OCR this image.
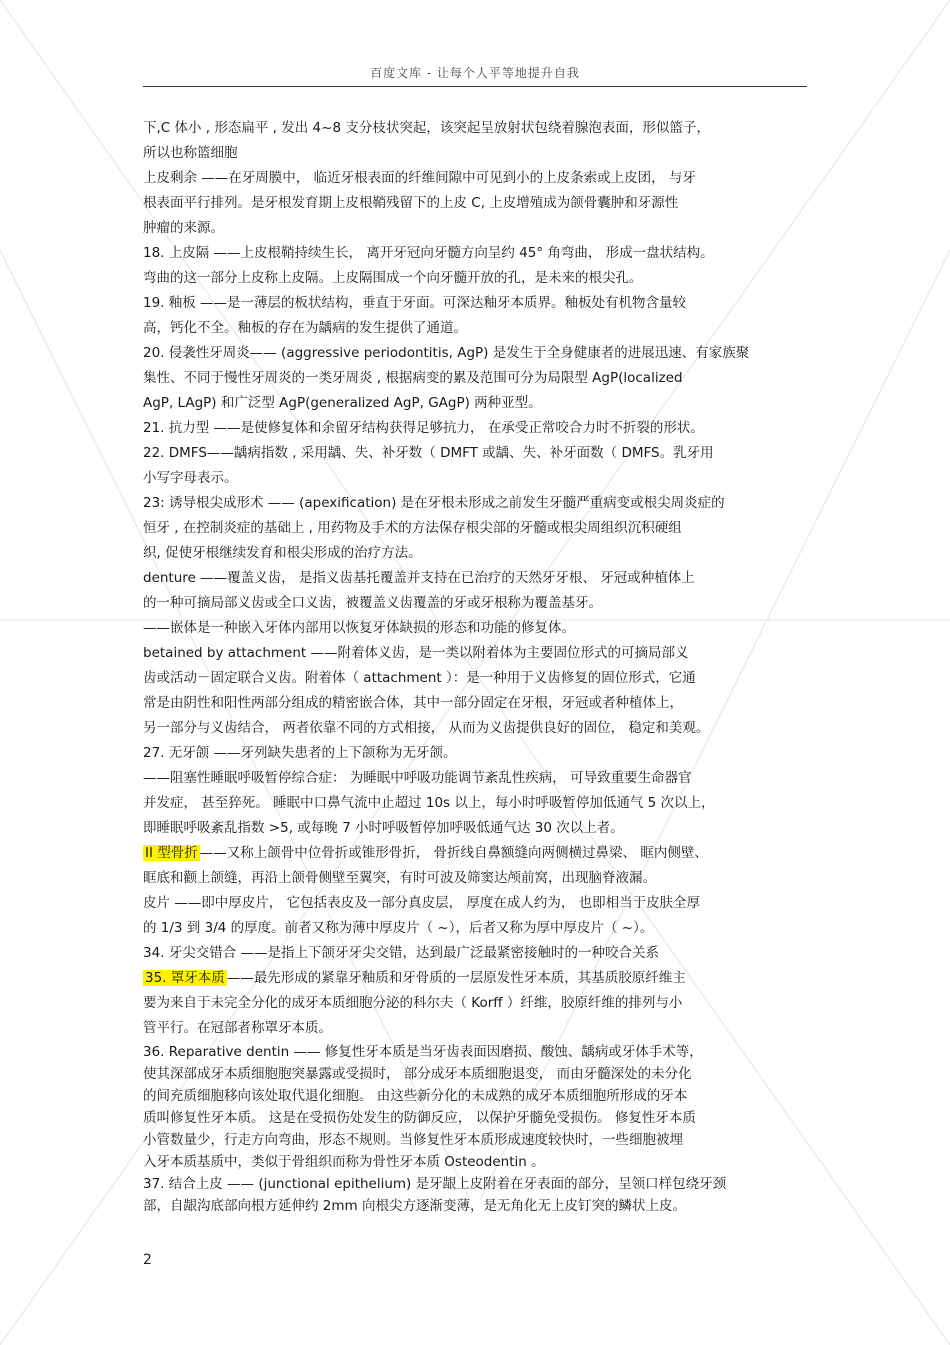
百度文库 - 让每个人平等地提升自我
下,C 体小 , 形态扁平 , 发出 4~8 支分枝状突起，该突起呈放射状包绕着腺泡表面，形似篮子，
所以也称篮细胞
上皮剩余 ——在牙周膜中， 临近牙根表面的纤维间隙中可见到小的上皮条索或上皮团， 与牙
根表面平行排列。是牙根发育期上皮根鞘残留下的上皮 C, 上皮增殖成为颌骨囊肿和牙源性
肿瘤的来源。
18. 上皮隔 ——上皮根鞘持续生长， 离开牙冠向牙髓方向呈约 45° 角弯曲， 形成一盘状结构。
弯曲的这一部分上皮称上皮隔。上皮隔围成一个向牙髓开放的孔，是未来的根尖孔。
19. 釉板 ——是一薄层的板状结构，垂直于牙面。可深达釉牙本质界。釉板处有机物含量较
高，钙化不全。釉板的存在为龋病的发生提供了通道。
20. 侵袭性牙周炎—— (aggressive periodontitis, AgP) 是发生于全身健康者的进展迅速、有家族聚
集性、不同于慢性牙周炎的一类牙周炎 , 根据病变的累及范围可分为局限型 AgP(localized
AgP, LAgP) 和广泛型 AgP(generalized AgP, GAgP) 两种亚型。
21. 抗力型 ——是使修复体和余留牙结构获得足够抗力， 在承受正常咬合力时不折裂的形状。
22. DMFS——龋病指数 , 采用龋、失、补牙数（ DMFT 或龋、失、补牙面数（ DMFS。乳牙用
小写字母表示。
23: 诱导根尖成形术 —— (apexification) 是在牙根未形成之前发生牙髓严重病变或根尖周炎症的
恒牙 , 在控制炎症的基础上 , 用药物及手术的方法保存根尖部的牙髓或根尖周组织沉积硬组
织, 促使牙根继续发育和根尖形成的治疗方法。
denture ——覆盖义齿， 是指义齿基托覆盖并支持在已治疗的天然牙牙根、 牙冠或种植体上
的一种可摘局部义齿或全口义齿，被覆盖义齿覆盖的牙或牙根称为覆盖基牙。
——嵌体是一种嵌入牙体内部用以恢复牙体缺损的形态和功能的修复体。
betained by attachment ——附着体义齿，是一类以附着体为主要固位形式的可摘局部义
齿或活动－固定联合义齿。附着体（ attachment ）：是一种用于义齿修复的固位形式，它通
常是由阴性和阳性两部分组成的精密嵌合体，其中一部分固定在牙根，牙冠或者种植体上，
另一部分与义齿结合， 两者依靠不同的方式相接， 从而为义齿提供良好的固位， 稳定和美观。
27. 无牙颌 ——牙列缺失患者的上下颌称为无牙颌。
——阻塞性睡眠呼吸暂停综合症： 为睡眠中呼吸功能调节紊乱性疾病， 可导致重要生命器官
并发症， 甚至猝死。 睡眠中口鼻气流中止超过 10s 以上，每小时呼吸暂停加低通气 5 次以上，
即睡眠呼吸紊乱指数 >5, 或每晚 7 小时呼吸暂停加呼吸低通气达 30 次以上者。
II 型骨折 ——又称上颌骨中位骨折或锥形骨折， 骨折线自鼻额缝向两侧横过鼻梁、 眶内侧壁、
眶底和颧上颌缝，再沿上颌骨侧壁至翼突，有时可波及筛窦达颅前窝，出现脑脊液漏。
皮片 ——即中厚皮片， 它包括表皮及一部分真皮层， 厚度在成人约为， 也即相当于皮肤全厚
的 1/3 到 3/4 的厚度。前者又称为薄中厚皮片（ ~），后者又称为厚中厚皮片（ ~）。
34. 牙尖交错合 ——是指上下颌牙牙尖交错，达到最广泛最紧密接触时的一种咬合关系
35. 罩牙本质 ——最先形成的紧靠牙釉质和牙骨质的一层原发性牙本质，其基质胶原纤维主
要为来自于未完全分化的成牙本质细胞分泌的科尔夫（ Korff ）纤维，胶原纤维的排列与小
管平行。在冠部者称罩牙本质。
36. Reparative dentin —— 修复性牙本质是当牙齿表面因磨损、酸蚀、龋病或牙体手术等，
使其深部成牙本质细胞胞突暴露或受损时， 部分成牙本质细胞退变， 而由牙髓深处的未分化
的间充质细胞移向该处取代退化细胞。 由这些新分化的未成熟的成牙本质细胞所形成的牙本
质叫修复性牙本质。 这是在受损伤处发生的防御反应， 以保护牙髓免受损伤。 修复性牙本质
小管数量少，行走方向弯曲，形态不规则。当修复性牙本质形成速度较快时，一些细胞被埋
入牙本质基质中，类似于骨组织而称为骨性牙本质 Osteodentin 。
37. 结合上皮 —— (junctional epithelium) 是牙龈上皮附着在牙表面的部分，呈领口样包绕牙颈
部，自龈沟底部向根方延伸约 2mm 向根尖方逐渐变薄，是无角化无上皮钉突的鳞状上皮。
2
